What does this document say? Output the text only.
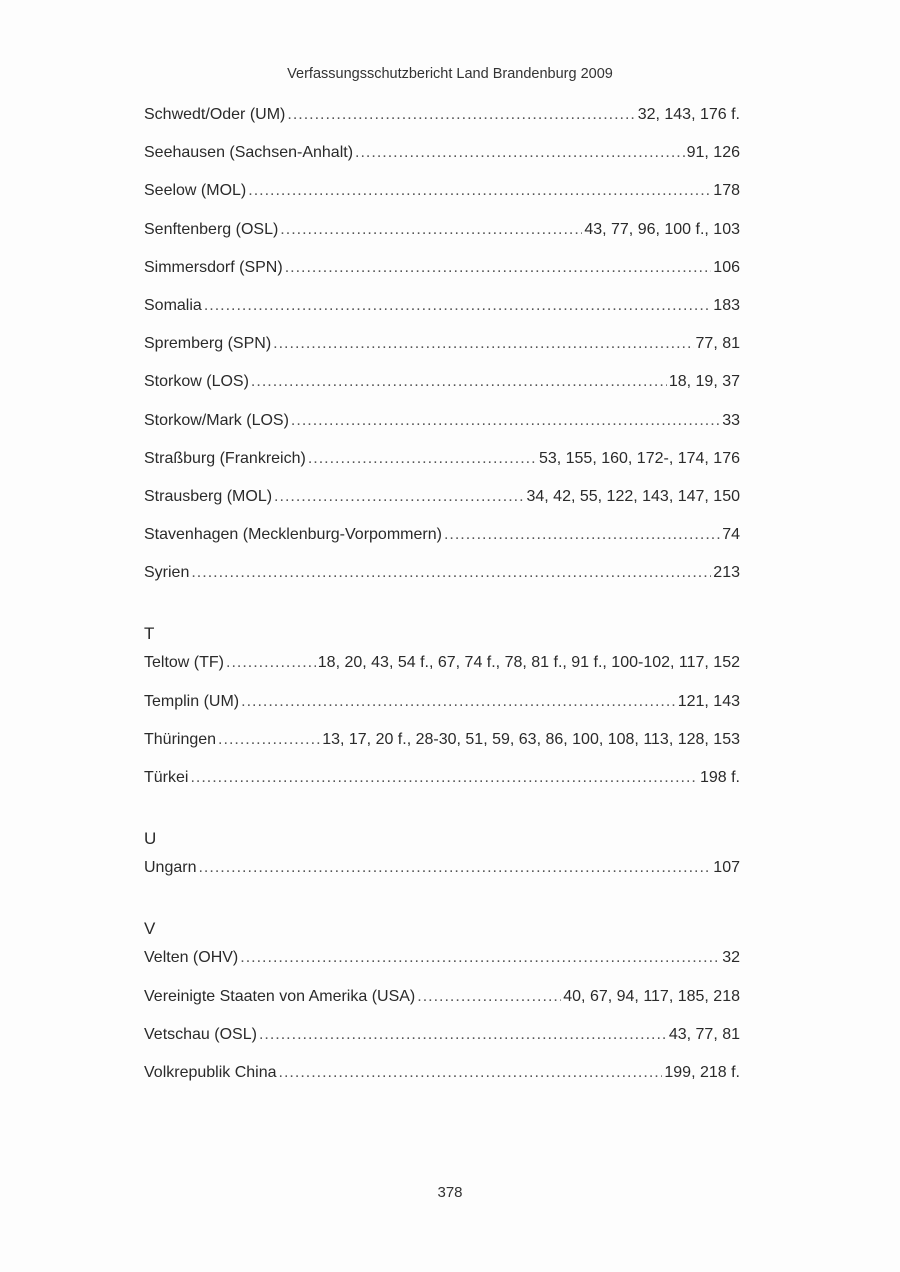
Verfassungsschutzbericht Land Brandenburg 2009
Schwedt/Oder (UM) .....	32, 143, 176 f.
Seehausen (Sachsen-Anhalt) .....	91, 126
Seelow (MOL) .....	178
Senftenberg (OSL) .....	43, 77, 96, 100 f., 103
Simmersdorf (SPN) .....	106
Somalia .....	183
Spremberg (SPN) .....	77, 81
Storkow (LOS) .....	18, 19, 37
Storkow/Mark (LOS) .....	33
Straßburg (Frankreich) .....	53, 155, 160, 172-, 174, 176
Strausberg (MOL) .....	34, 42, 55, 122, 143, 147, 150
Stavenhagen (Mecklenburg-Vorpommern) .....	74
Syrien .....	213
T
Teltow (TF) .....	18, 20, 43, 54 f., 67, 74 f., 78, 81 f., 91 f., 100-102, 117, 152
Templin (UM) .....	121, 143
Thüringen .....	13, 17, 20 f., 28-30, 51, 59, 63, 86, 100, 108, 113, 128, 153
Türkei .....	198 f.
U
Ungarn .....	107
V
Velten (OHV) .....	32
Vereinigte Staaten von Amerika (USA) .....	40, 67, 94, 117, 185, 218
Vetschau (OSL) .....	43, 77, 81
Volkrepublik China .....	199, 218 f.
378
